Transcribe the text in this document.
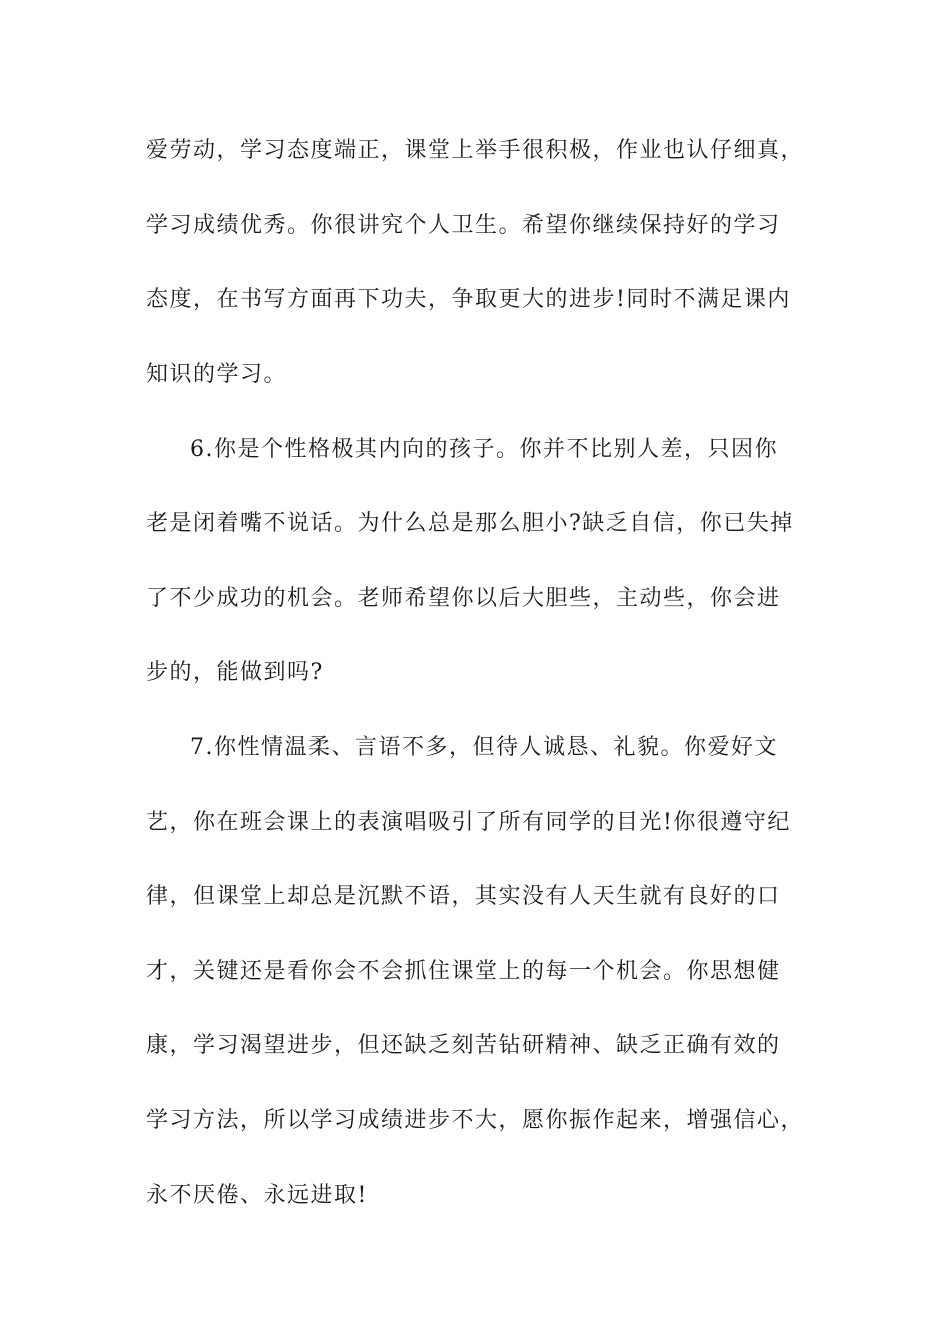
爱劳动，学习态度端正，课堂上举手很积极，作业也认仔细真，
学习成绩优秀。你很讲究个人卫生。希望你继续保持好的学习
态度，在书写方面再下功夫，争取更大的进步!同时不满足课内
知识的学习。
6.你是个性格极其内向的孩子。你并不比别人差，只因你
老是闭着嘴不说话。为什么总是那么胆小?缺乏自信，你已失掉
了不少成功的机会。老师希望你以后大胆些，主动些，你会进
步的，能做到吗?
7.你性情温柔、言语不多，但待人诚恳、礼貌。你爱好文
艺，你在班会课上的表演唱吸引了所有同学的目光!你很遵守纪
律，但课堂上却总是沉默不语，其实没有人天生就有良好的口
才，关键还是看你会不会抓住课堂上的每一个机会。你思想健
康，学习渴望进步，但还缺乏刻苦钻研精神、缺乏正确有效的
学习方法，所以学习成绩进步不大，愿你振作起来，增强信心，
永不厌倦、永远进取!
